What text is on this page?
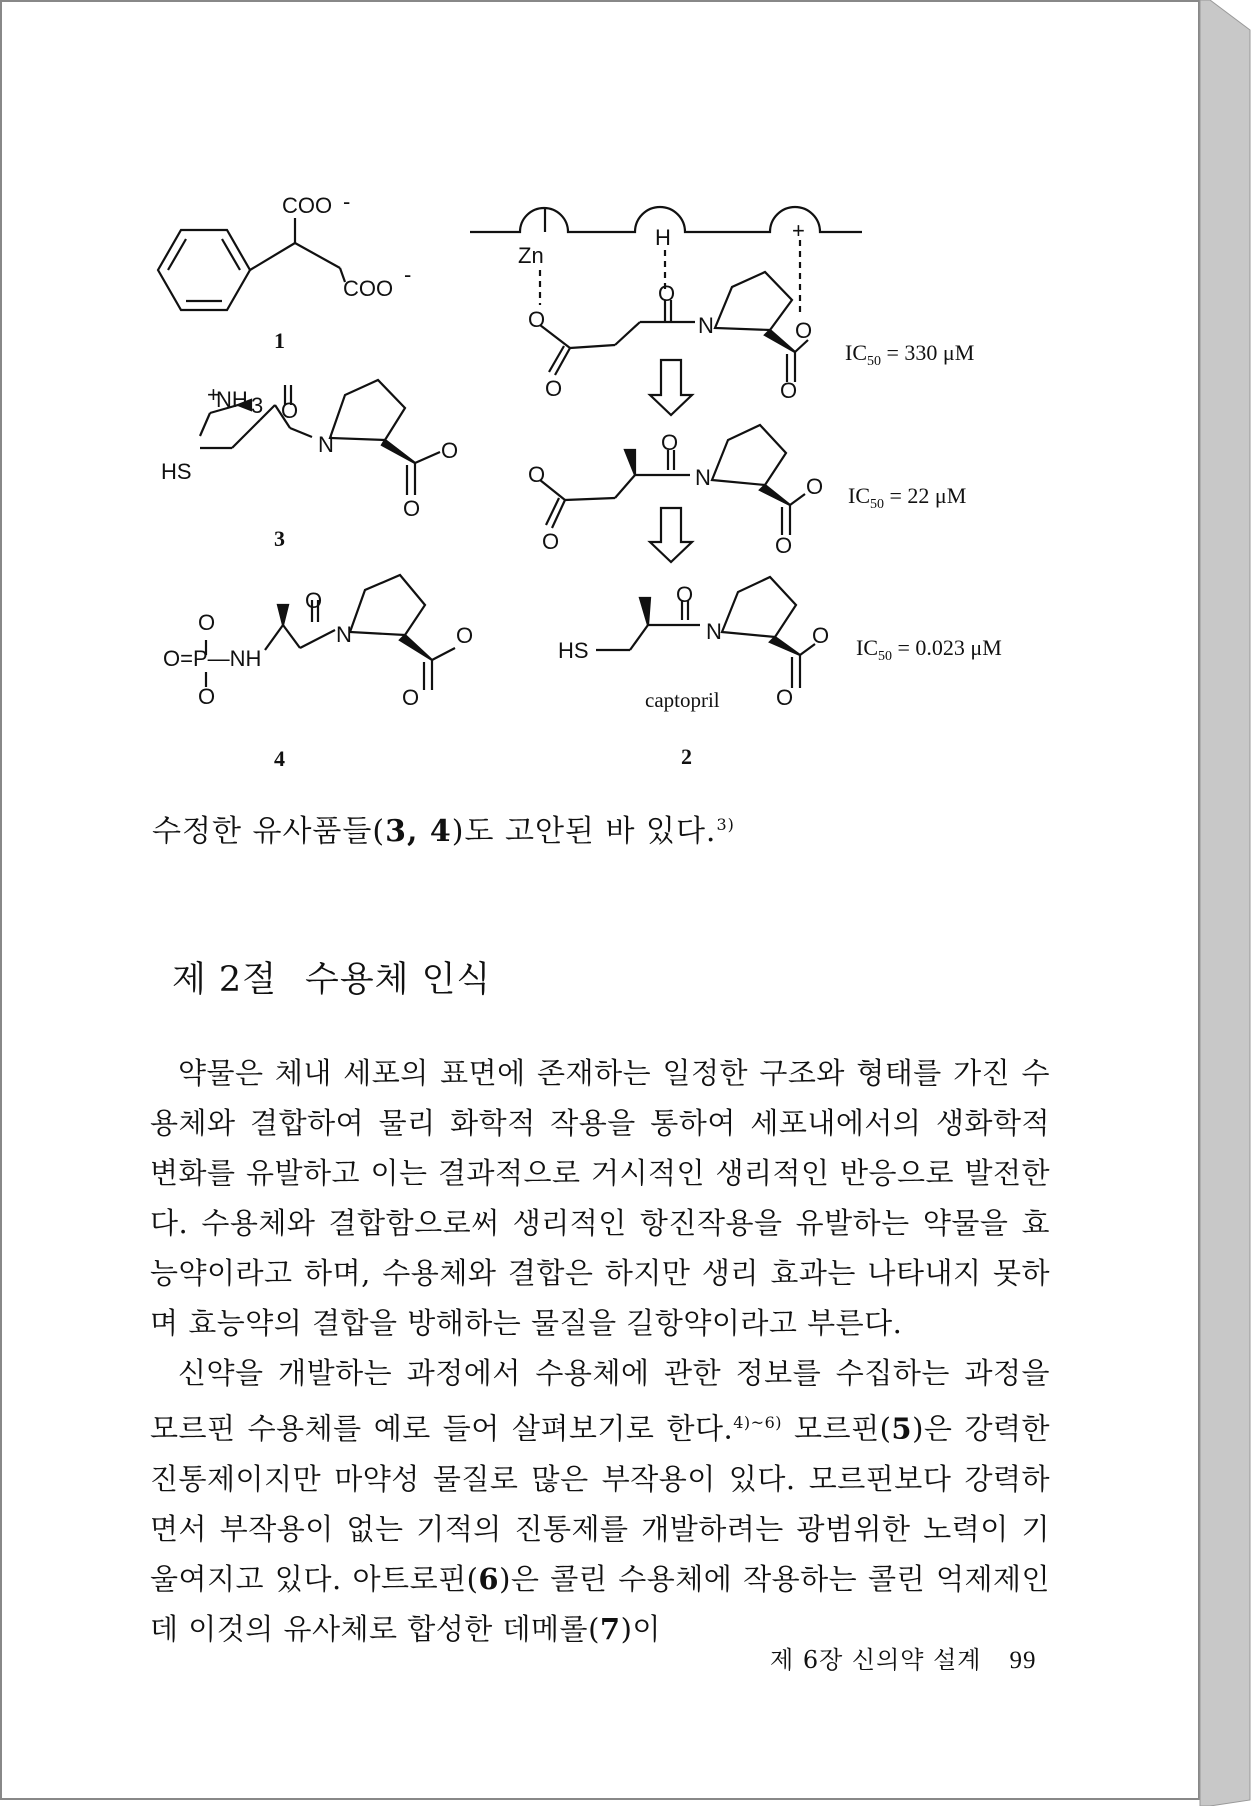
COO -
COO
-
1
+
NH 3
HS
O
N	O
O
3
O
O=P—NH
O
O
N	O
O
4
Zn
H	+
O
O
O
N	O
O
O
O
O
N	O
O
HS
O
N	O
O
captopril
2
$IC_{50} = 330$ μM
$IC_{50} = 22$ μM
$IC_{50} = 0.023$ μM
수정한 유사품들(3, 4)도 고안된 바 있다.$^{3)}$
제 2절 수용체 인식

약물은 체내 세포의 표면에 존재하는 일정한 구조와 형태를 가진 수용체와 결합하여 물리 화학적 작용을 통하여 세포내에서의 생화학적 변화를 유발하고 이는 결과적으로 거시적인 생리적인 반응으로 발전한다. 수용체와 결합함으로써 생리적인 항진작용을 유발하는 약물을 효능약이라고 하며, 수용체와 결합은 하지만 생리 효과는 나타내지 못하며 효능약의 결합을 방해하는 물질을 길항약이라고 부른다.

신약을 개발하는 과정에서 수용체에 관한 정보를 수집하는 과정을 모르핀 수용체를 예로 들어 살펴보기로 한다.$^{4)\sim 6)}$ 모르핀(5)은 강력한 진통제이지만 마약성 물질로 많은 부작용이 있다. 모르핀보다 강력하면서 부작용이 없는 기적의 진통제를 개발하려는 광범위한 노력이 기울여지고 있다. 아트로핀(6)은 콜린 수용체에 작용하는 콜린 억제제인데 이것의 유사체로 합성한 데메롤(7)이

제 6장 신의약 설계 99
